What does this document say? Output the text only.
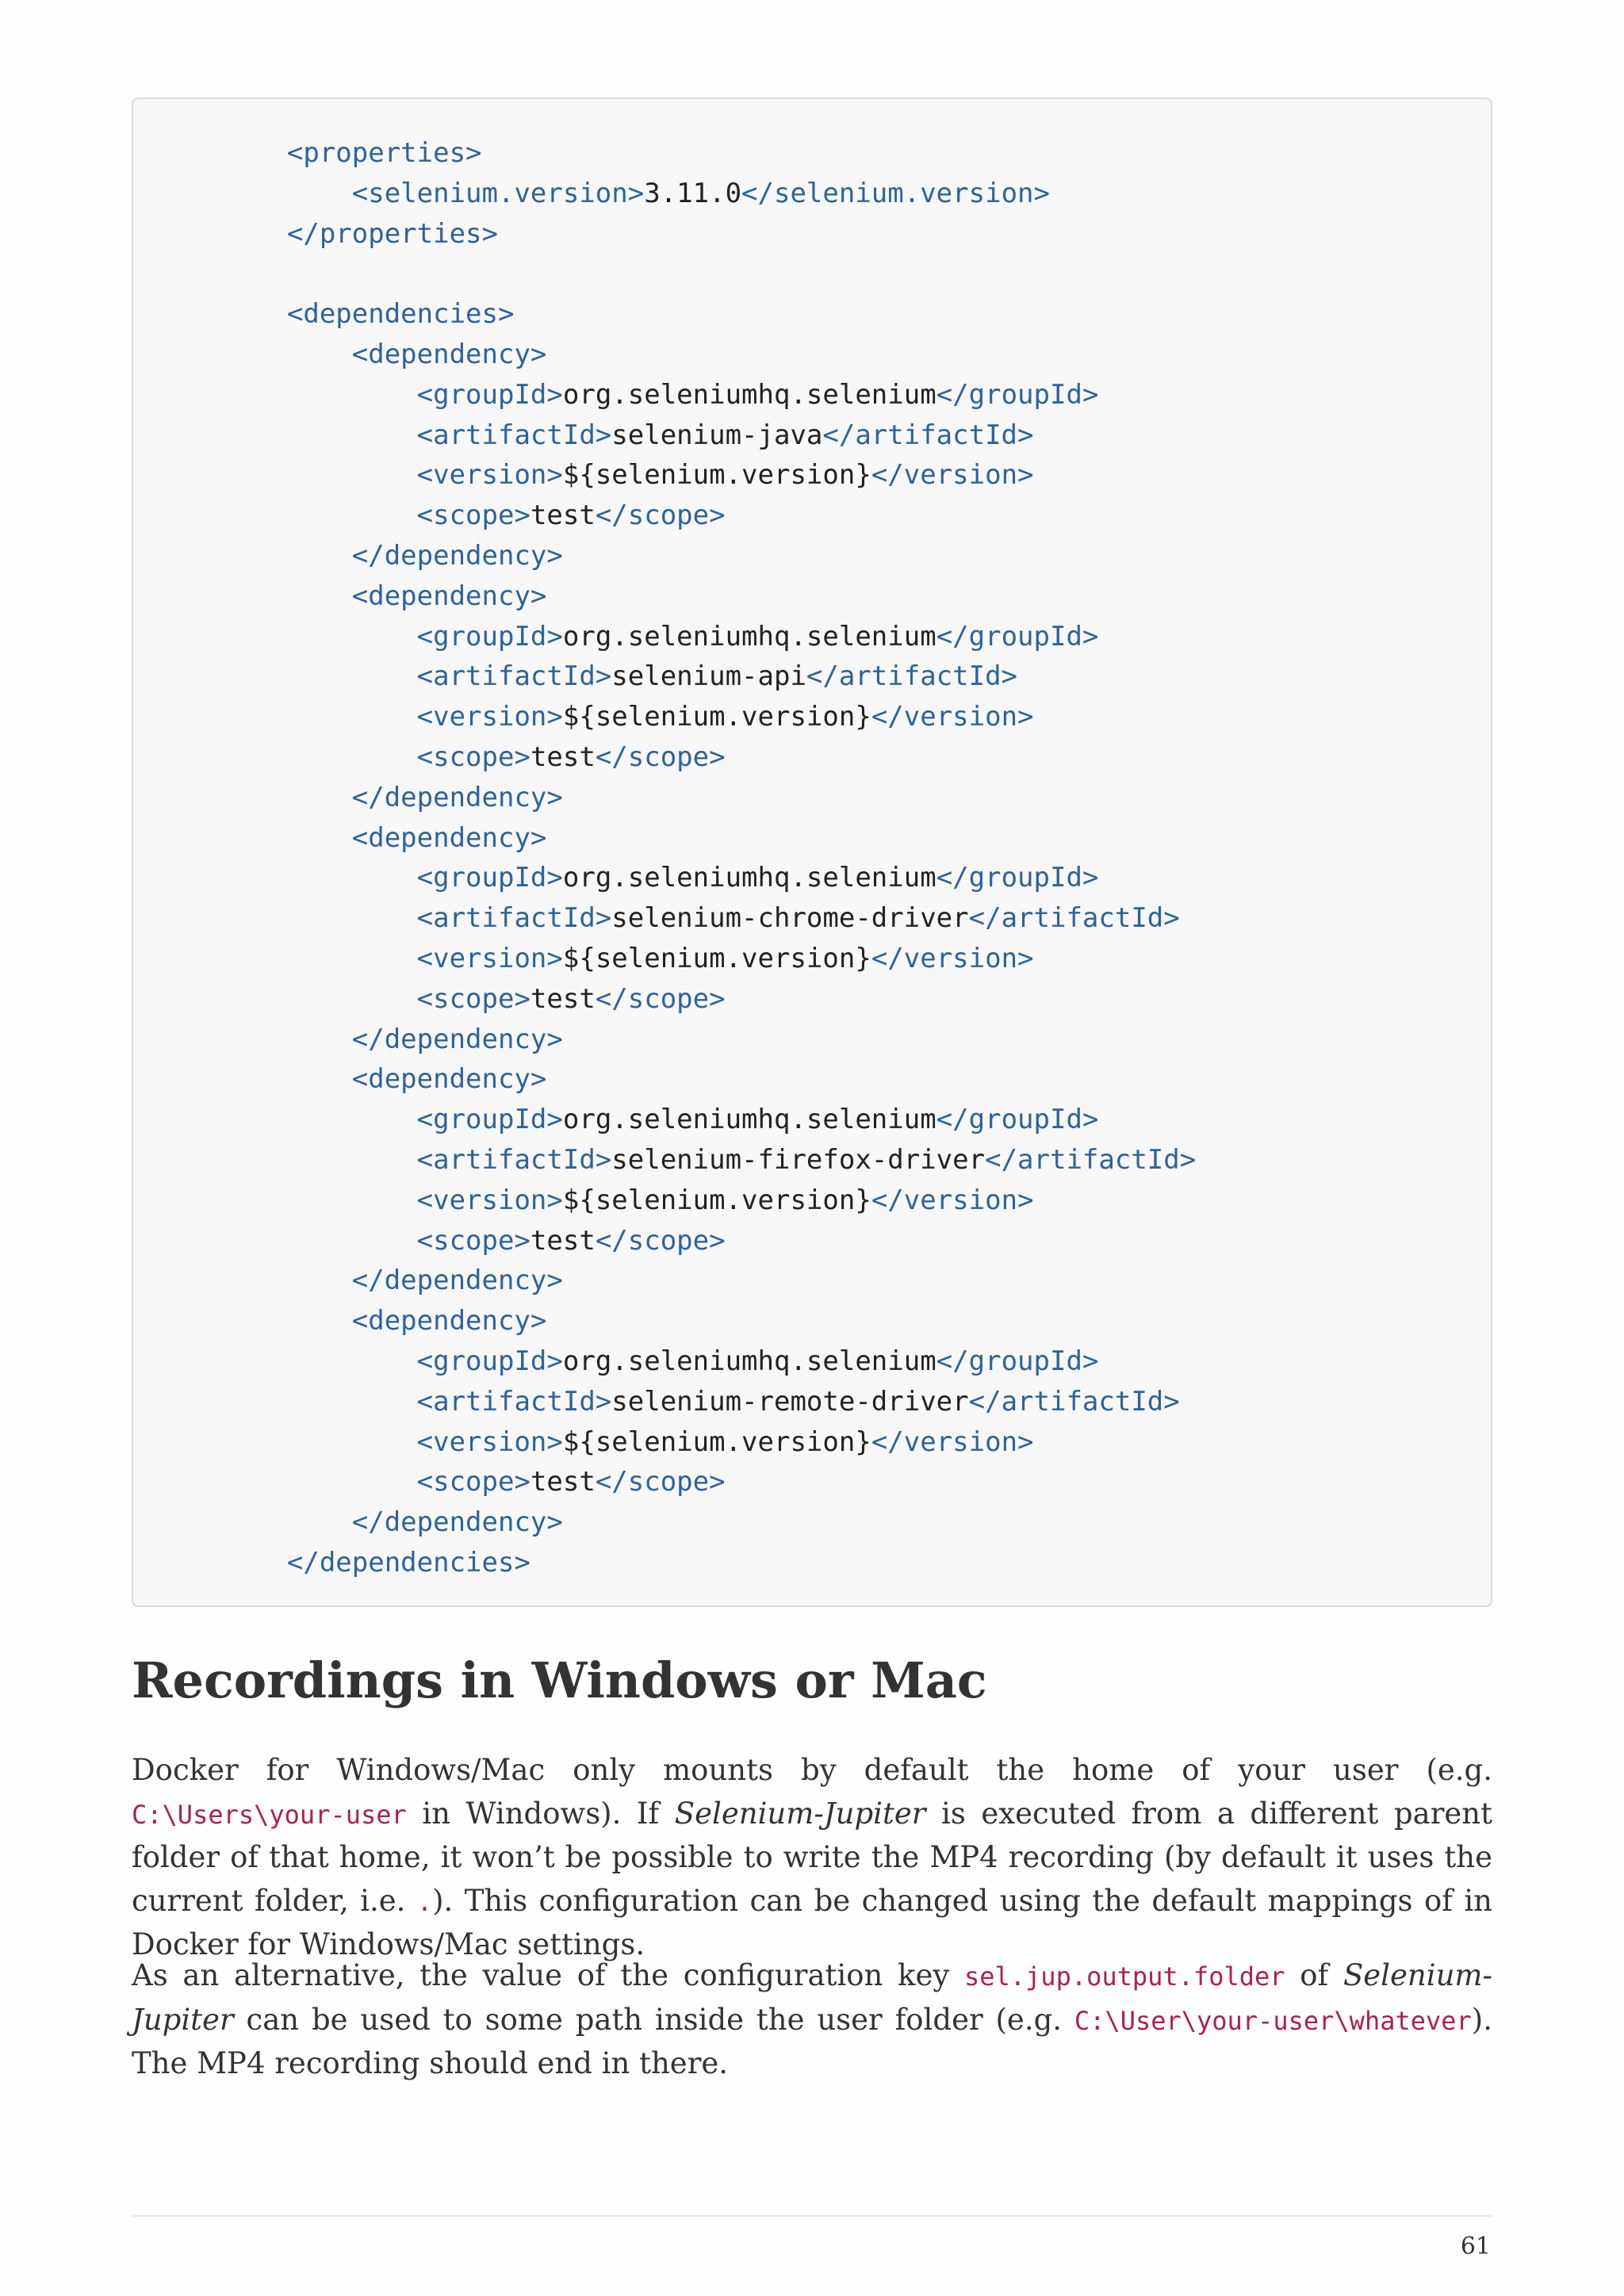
<properties>
<selenium.version>3.11.0</selenium.version>
</properties>

<dependencies>
<dependency>
<groupId>org.seleniumhq.selenium</groupId>
<artifactId>selenium-java</artifactId>
<version>${selenium.version}</version>
<scope>test</scope>
</dependency>
<dependency>
<groupId>org.seleniumhq.selenium</groupId>
<artifactId>selenium-api</artifactId>
<version>${selenium.version}</version>
<scope>test</scope>
</dependency>
<dependency>
<groupId>org.seleniumhq.selenium</groupId>
<artifactId>selenium-chrome-driver</artifactId>
<version>${selenium.version}</version>
<scope>test</scope>
</dependency>
<dependency>
<groupId>org.seleniumhq.selenium</groupId>
<artifactId>selenium-firefox-driver</artifactId>
<version>${selenium.version}</version>
<scope>test</scope>
</dependency>
<dependency>
<groupId>org.seleniumhq.selenium</groupId>
<artifactId>selenium-remote-driver</artifactId>
<version>${selenium.version}</version>
<scope>test</scope>
</dependency>
</dependencies>
Recordings in Windows or Mac

Docker for Windows/Mac only mounts by default the home of your user (e.g. C:\Users\your-user in Windows). If Selenium-Jupiter is executed from a different parent folder of that home, it won’t be possible to write the MP4 recording (by default it uses the current folder, i.e. .). This configuration can be changed using the default mappings of in Docker for Windows/Mac settings.

As an alternative, the value of the configuration key sel.jup.output.folder of Selenium-Jupiter can be used to some path inside the user folder (e.g. C:\User\your-user\whatever). The MP4 recording should end in there.

61
